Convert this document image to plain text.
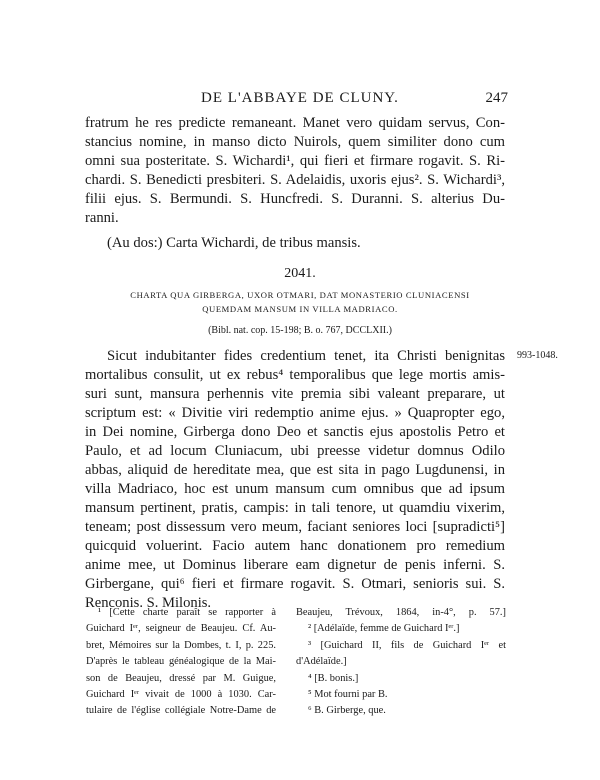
DE L'ABBAYE DE CLUNY.	247
fratrum he res predicte remaneant. Manet vero quidam servus, Con-
stancius nomine, in manso dicto Nuirols, quem similiter dono cum
omni sua posteritate. S. Wichardi¹, qui fieri et firmare rogavit. S. Ri-
chardi. S. Benedicti presbiteri. S. Adelaidis, uxoris ejus². S. Wichardi³,
filii ejus. S. Bermundi. S. Huncfredi. S. Duranni. S. alterius Du-
ranni.
(Au dos:) Carta Wichardi, de tribus mansis.
2041.
CHARTA QUA GIRBERGA, UXOR OTMARI, DAT MONASTERIO CLUNIACENSI
QUEMDAM MANSUM IN VILLA MADRIACO.
(Bibl. nat. cop. 15-198; B. o. 767, DCCLXII.)
993-1048.
Sicut indubitanter fides credentium tenet, ita Christi benignitas
mortalibus consulit, ut ex rebus⁴ temporalibus que lege mortis amis-
suri sunt, mansura perhennis vite premia sibi valeant preparare, ut
scriptum est: « Divitie viri redemptio anime ejus. » Quapropter ego,
in Dei nomine, Girberga dono Deo et sanctis ejus apostolis Petro et
Paulo, et ad locum Cluniacum, ubi preesse videtur domnus Odilo
abbas, aliquid de hereditate mea, que est sita in pago Lugdunensi, in
villa Madriaco, hoc est unum mansum cum omnibus que ad ipsum
mansum pertinent, pratis, campis: in tali tenore, ut quamdiu vixerim,
teneam; post dissessum vero meum, faciant seniores loci [supradicti⁵]
quicquid voluerint. Facio autem hanc donationem pro remedium
anime mee, ut Dominus liberare eam dignetur de penis inferni. S.
Girbergane, qui⁶ fieri et firmare rogavit. S. Otmari, senioris sui. S.
Renconis. S. Milonis.
¹ [Cette charte paraît se rapporter à
Guichard Iᵉʳ, seigneur de Beaujeu. Cf. Au-
bret, Mémoires sur la Dombes, t. I, p. 225.
D'après le tableau généalogique de la Mai-
son de Beaujeu, dressé par M. Guigue,
Guichard Iᵉʳ vivait de 1000 à 1030. Car-
tulaire de l'église collégiale Notre-Dame de
Beaujeu, Trévoux, 1864, in-4°, p. 57.]
² [Adélaïde, femme de Guichard Iᵉʳ.]
³ [Guichard II, fils de Guichard Iᵉʳ et
d'Adélaïde.]
⁴ [B. bonis.]
⁵ Mot fourni par B.
⁶ B. Girberge, que.
